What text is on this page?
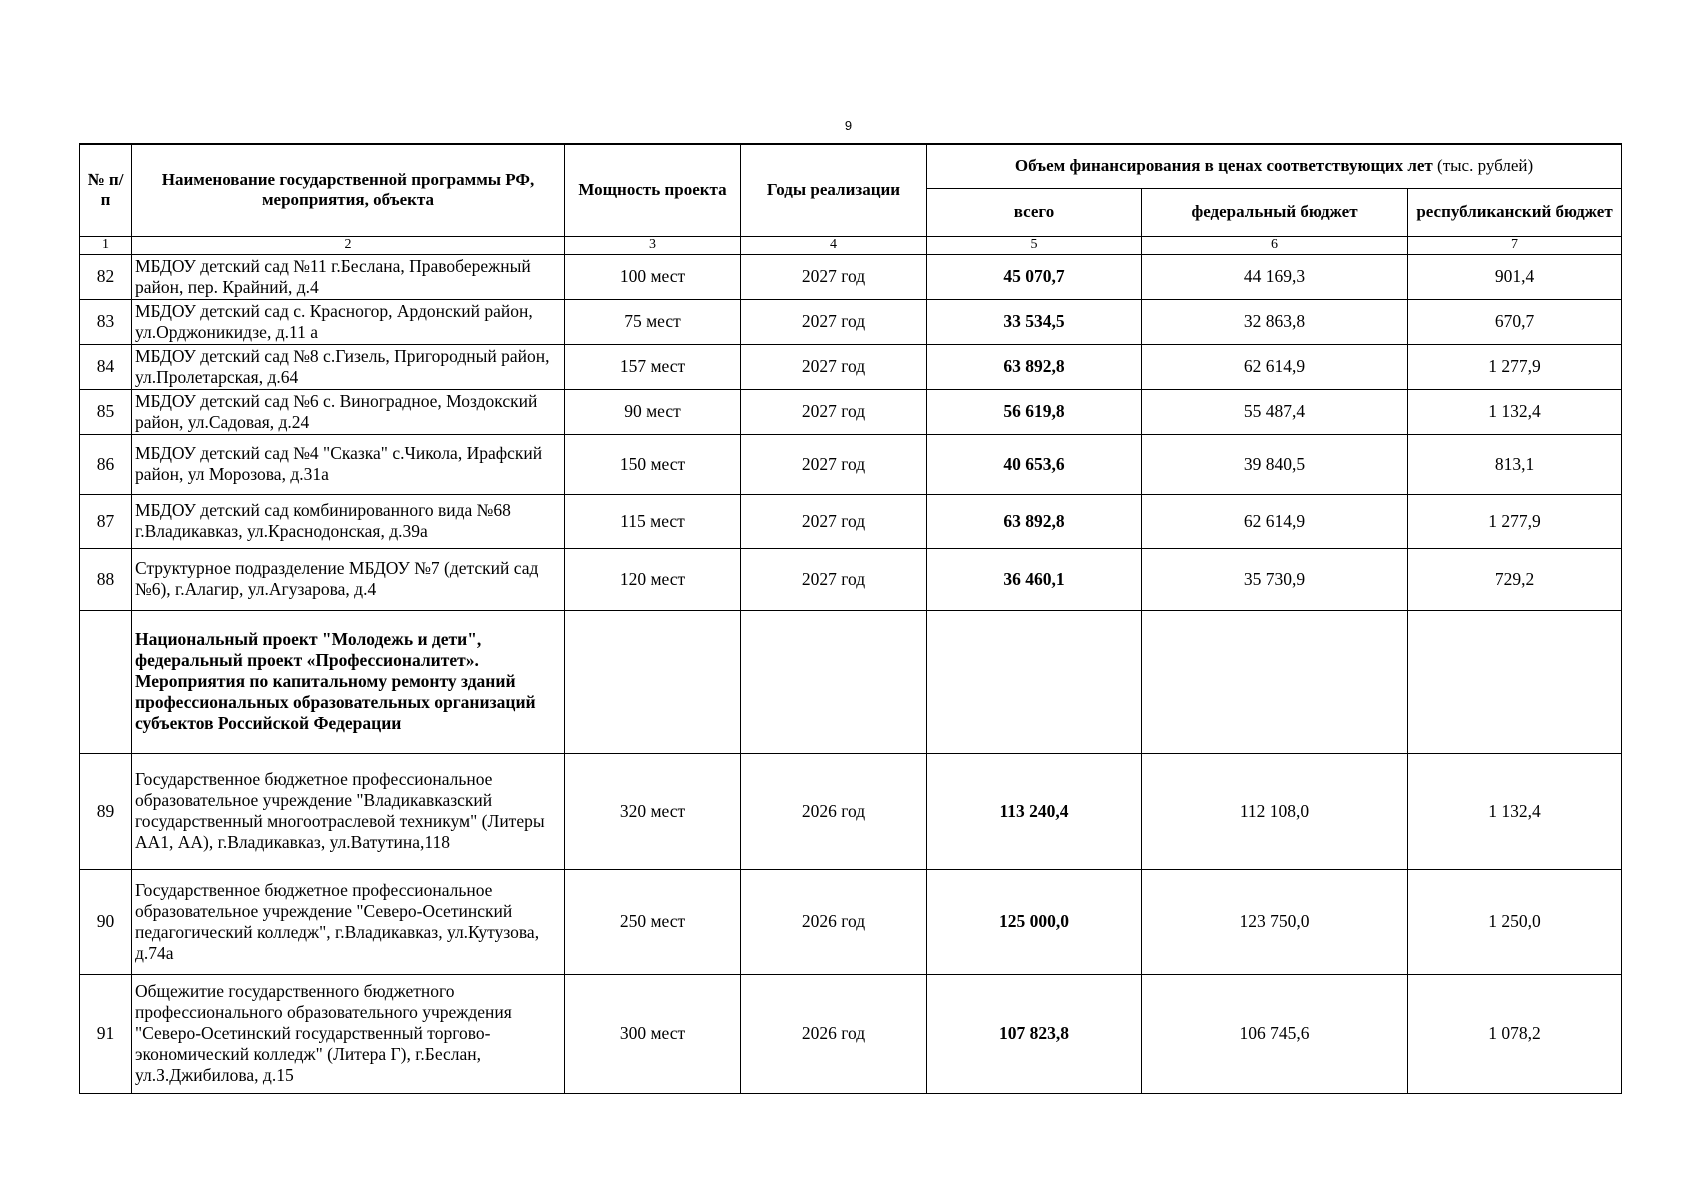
9
№ п/п	Наименование государственной программы РФ, мероприятия, объекта	Мощность проекта	Годы реализации	Объем финансирования в ценах соответствующих лет (тыс. рублей)		
				всего	федеральный бюджет	республиканский бюджет
1	2	3	4	5	6	7
82	МБДОУ детский сад №11 г.Беслана, Правобережный район, пер. Крайний, д.4	100 мест	2027 год	45 070,7	44 169,3	901,4
83	МБДОУ детский сад с. Красногор, Ардонский район, ул.Орджоникидзе, д.11 а	75 мест	2027 год	33 534,5	32 863,8	670,7
84	МБДОУ детский сад №8 с.Гизель, Пригородный район, ул.Пролетарская, д.64	157 мест	2027 год	63 892,8	62 614,9	1 277,9
85	МБДОУ детский сад №6 с. Виноградное, Моздокский район, ул.Садовая, д.24	90 мест	2027 год	56 619,8	55 487,4	1 132,4
86	МБДОУ детский сад №4 "Сказка" с.Чикола, Ирафский район, ул Морозова, д.31а	150 мест	2027 год	40 653,6	39 840,5	813,1
87	МБДОУ детский сад комбинированного вида №68 г.Владикавказ, ул.Краснодонская, д.39а	115 мест	2027 год	63 892,8	62 614,9	1 277,9
88	Структурное подразделение МБДОУ №7 (детский сад №6), г.Алагир, ул.Агузарова, д.4	120 мест	2027 год	36 460,1	35 730,9	729,2
	Национальный проект "Молодежь и дети", федеральный проект «Профессионалитет». Мероприятия по капитальному ремонту зданий профессиональных образовательных организаций субъектов Российской Федерации					
89	Государственное бюджетное профессиональное образовательное учреждение "Владикавказский государственный многоотраслевой техникум" (Литеры АА1, АА), г.Владикавказ, ул.Ватутина,118	320 мест	2026 год	113 240,4	112 108,0	1 132,4
90	Государственное бюджетное профессиональное образовательное учреждение "Северо-Осетинский педагогический колледж", г.Владикавказ, ул.Кутузова, д.74а	250 мест	2026 год	125 000,0	123 750,0	1 250,0
91	Общежитие государственного бюджетного профессионального образовательного учреждения "Северо-Осетинский государственный торгово-экономический колледж" (Литера Г), г.Беслан, ул.З.Джибилова, д.15	300 мест	2026 год	107 823,8	106 745,6	1 078,2
